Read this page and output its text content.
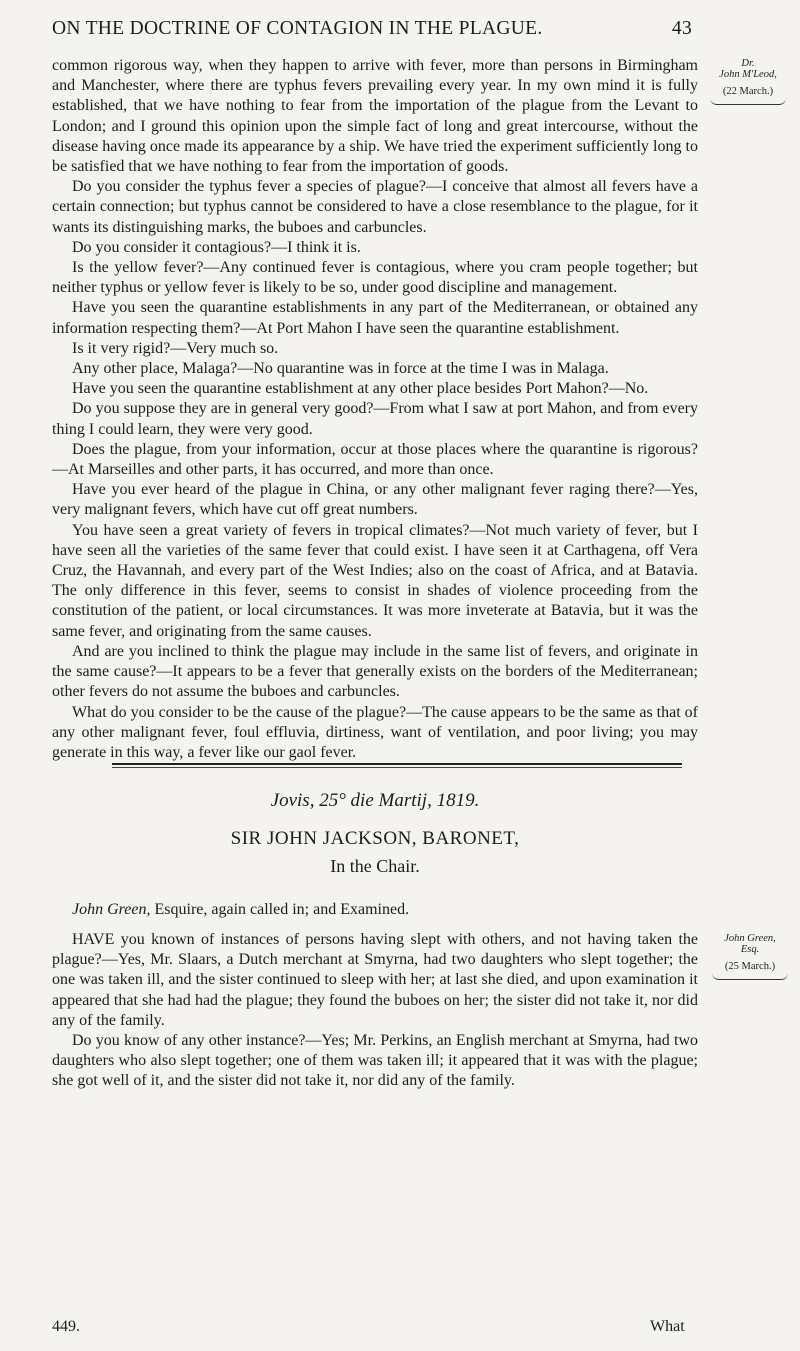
ON THE DOCTRINE OF CONTAGION IN THE PLAGUE.	43
Dr.
John M'Leod,
(22 March.)

common rigorous way, when they happen to arrive with fever, more than persons in Birmingham and Manchester, where there are typhus fevers prevailing every year. In my own mind it is fully established, that we have nothing to fear from the importation of the plague from the Levant to London; and I ground this opinion upon the simple fact of long and great intercourse, without the disease having once made its appearance by a ship. We have tried the experiment sufficiently long to be satisfied that we have nothing to fear from the importation of goods.

Do you consider the typhus fever a species of plague?—I conceive that almost all fevers have a certain connection; but typhus cannot be considered to have a close resemblance to the plague, for it wants its distinguishing marks, the buboes and carbuncles.

Do you consider it contagious?—I think it is.

Is the yellow fever?—Any continued fever is contagious, where you cram people together; but neither typhus or yellow fever is likely to be so, under good discipline and management.

Have you seen the quarantine establishments in any part of the Mediterranean, or obtained any information respecting them?—At Port Mahon I have seen the quarantine establishment.

Is it very rigid?—Very much so.

Any other place, Malaga?—No quarantine was in force at the time I was in Malaga.

Have you seen the quarantine establishment at any other place besides Port Mahon?—No.

Do you suppose they are in general very good?—From what I saw at port Mahon, and from every thing I could learn, they were very good.

Does the plague, from your information, occur at those places where the quarantine is rigorous?—At Marseilles and other parts, it has occurred, and more than once.

Have you ever heard of the plague in China, or any other malignant fever raging there?—Yes, very malignant fevers, which have cut off great numbers.

You have seen a great variety of fevers in tropical climates?—Not much variety of fever, but I have seen all the varieties of the same fever that could exist. I have seen it at Carthagena, off Vera Cruz, the Havannah, and every part of the West Indies; also on the coast of Africa, and at Batavia. The only difference in this fever, seems to consist in shades of violence proceeding from the constitution of the patient, or local circumstances. It was more inveterate at Batavia, but it was the same fever, and originating from the same causes.

And are you inclined to think the plague may include in the same list of fevers, and originate in the same cause?—It appears to be a fever that generally exists on the borders of the Mediterranean; other fevers do not assume the buboes and carbuncles.

What do you consider to be the cause of the plague?—The cause appears to be the same as that of any other malignant fever, foul effluvia, dirtiness, want of ventilation, and poor living; you may generate in this way, a fever like our gaol fever.

Jovis, 25° die Martij, 1819.
SIR JOHN JACKSON, BARONET,
In the Chair.
John Green, Esquire, again called in; and Examined.
John Green,
Esq.
(25 March.)

HAVE you known of instances of persons having slept with others, and not having taken the plague?—Yes, Mr. Slaars, a Dutch merchant at Smyrna, had two daughters who slept together; the one was taken ill, and the sister continued to sleep with her; at last she died, and upon examination it appeared that she had had the plague; they found the buboes on her; the sister did not take it, nor did any of the family.

Do you know of any other instance?—Yes; Mr. Perkins, an English merchant at Smyrna, had two daughters who also slept together; one of them was taken ill; it appeared that it was with the plague; she got well of it, and the sister did not take it, nor did any of the family.

449.	What
